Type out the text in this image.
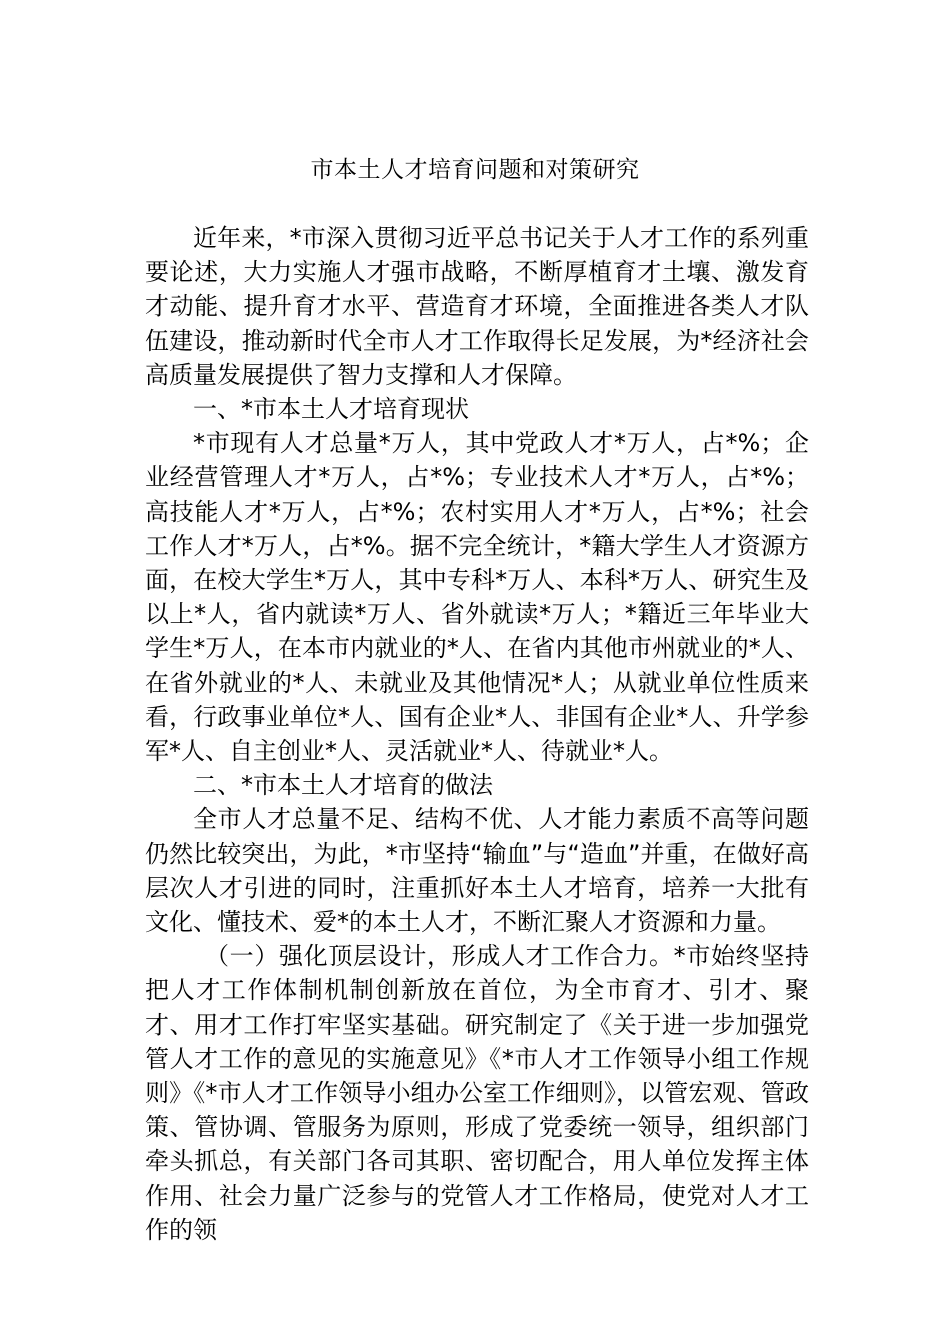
市本土人才培育问题和对策研究

近年来，*市深入贯彻习近平总书记关于人才工作的系列重要论述，大力实施人才强市战略，不断厚植育才土壤、激发育才动能、提升育才水平、营造育才环境，全面推进各类人才队伍建设，推动新时代全市人才工作取得长足发展，为*经济社会高质量发展提供了智力支撑和人才保障。

一、*市本土人才培育现状

*市现有人才总量*万人，其中党政人才*万人，占*%；企业经营管理人才*万人，占*%；专业技术人才*万人，占*%；高技能人才*万人，占*%；农村实用人才*万人，占*%；社会工作人才*万人，占*%。据不完全统计，*籍大学生人才资源方面，在校大学生*万人，其中专科*万人、本科*万人、研究生及以上*人，省内就读*万人、省外就读*万人；*籍近三年毕业大学生*万人，在本市内就业的*人、在省内其他市州就业的*人、在省外就业的*人、未就业及其他情况*人；从就业单位性质来看，行政事业单位*人、国有企业*人、非国有企业*人、升学参军*人、自主创业*人、灵活就业*人、待就业*人。

二、*市本土人才培育的做法

全市人才总量不足、结构不优、人才能力素质不高等问题仍然比较突出，为此，*市坚持“输血”与“造血”并重，在做好高层次人才引进的同时，注重抓好本土人才培育，培养一大批有文化、懂技术、爱*的本土人才，不断汇聚人才资源和力量。

（一）强化顶层设计，形成人才工作合力。*市始终坚持把人才工作体制机制创新放在首位，为全市育才、引才、聚才、用才工作打牢坚实基础。研究制定了《关于进一步加强党管人才工作的意见的实施意见》《*市人才工作领导小组工作规则》《*市人才工作领导小组办公室工作细则》，以管宏观、管政策、管协调、管服务为原则，形成了党委统一领导，组织部门牵头抓总，有关部门各司其职、密切配合，用人单位发挥主体作用、社会力量广泛参与的党管人才工作格局，使党对人才工作的领
